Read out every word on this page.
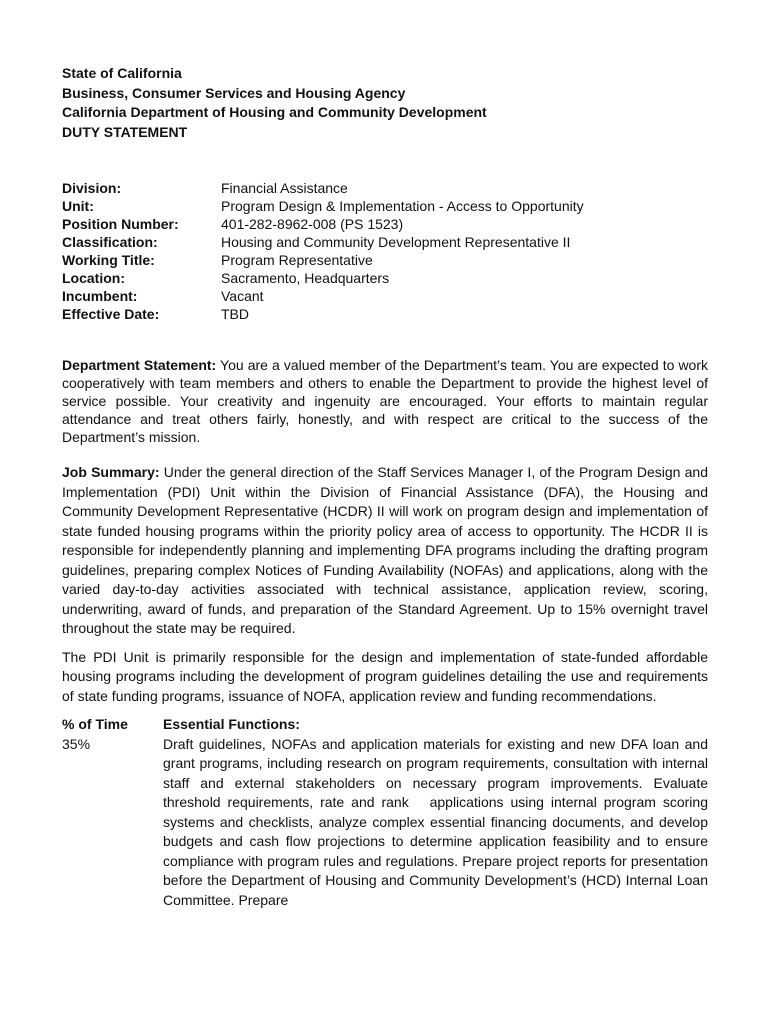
State of California
Business, Consumer Services and Housing Agency
California Department of Housing and Community Development
DUTY STATEMENT
Division:	Financial Assistance
Unit:	Program Design & Implementation - Access to Opportunity
Position Number:	401-282-8962-008 (PS 1523)
Classification:	Housing and Community Development Representative II
Working Title:	Program Representative
Location:	Sacramento, Headquarters
Incumbent:	Vacant
Effective Date:	TBD

Department Statement: You are a valued member of the Department’s team. You are expected to work cooperatively with team members and others to enable the Department to provide the highest level of service possible. Your creativity and ingenuity are encouraged. Your efforts to maintain regular attendance and treat others fairly, honestly, and with respect are critical to the success of the Department’s mission.

Job Summary: Under the general direction of the Staff Services Manager I, of the Program Design and Implementation (PDI) Unit within the Division of Financial Assistance (DFA), the Housing and Community Development Representative (HCDR) II will work on program design and implementation of state funded housing programs within the priority policy area of access to opportunity. The HCDR II is responsible for independently planning and implementing DFA programs including the drafting program guidelines, preparing complex Notices of Funding Availability (NOFAs) and applications, along with the varied day-to-day activities associated with technical assistance, application review, scoring, underwriting, award of funds, and preparation of the Standard Agreement. Up to 15% overnight travel throughout the state may be required.

The PDI Unit is primarily responsible for the design and implementation of state-funded affordable housing programs including the development of program guidelines detailing the use and requirements of state funding programs, issuance of NOFA, application review and funding recommendations.

% of Time	Essential Functions:
35%	Draft guidelines, NOFAs and application materials for existing and new DFA loan and grant programs, including research on program requirements, consultation with internal staff and external stakeholders on necessary program improvements. Evaluate threshold requirements, rate and rank   applications using internal program scoring systems and checklists, analyze complex essential financing documents, and develop budgets and cash flow projections to determine application feasibility and to ensure compliance with program rules and regulations. Prepare project reports for presentation before the Department of Housing and Community Development’s (HCD) Internal Loan Committee. Prepare
